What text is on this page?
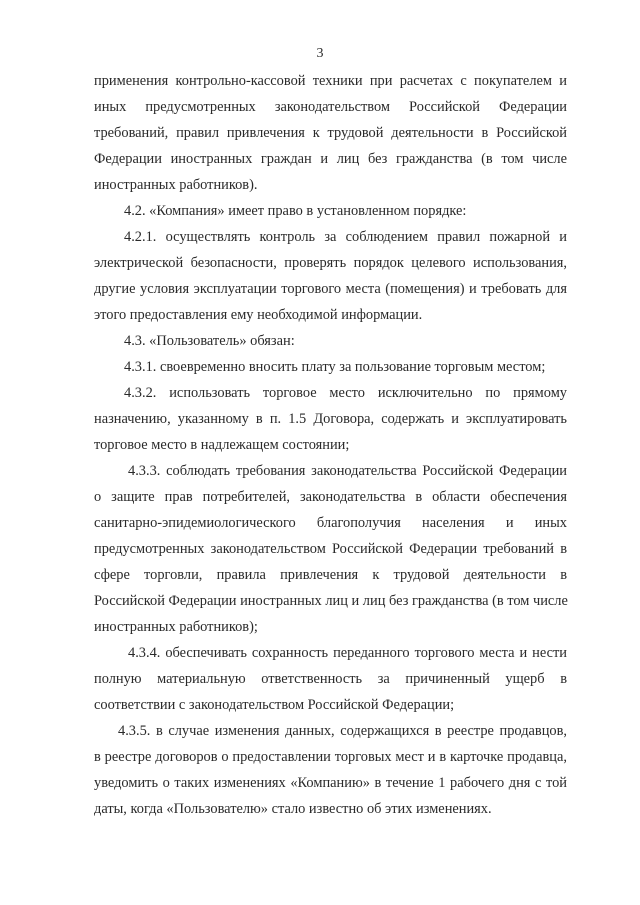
3
применения контрольно-кассовой техники при расчетах с покупателем и
иных предусмотренных законодательством Российской Федерации
требований, правил привлечения к трудовой деятельности в Российской
Федерации иностранных граждан и лиц без гражданства (в том числе
иностранных работников).
4.2. «Компания» имеет право в установленном порядке:
4.2.1. осуществлять контроль за соблюдением правил пожарной и
электрической безопасности, проверять порядок целевого использования,
другие условия эксплуатации торгового места (помещения) и требовать для
этого предоставления ему необходимой информации.
4.3. «Пользователь» обязан:
4.3.1. своевременно вносить плату за пользование торговым местом;
4.3.2. использовать торговое место исключительно по прямому
назначению, указанному в п. 1.5 Договора, содержать и эксплуатировать
торговое место в надлежащем состоянии;
4.3.3. соблюдать требования законодательства Российской Федерации
о защите прав потребителей, законодательства в области обеспечения
санитарно-эпидемиологического благополучия населения и иных
предусмотренных законодательством Российской Федерации требований в
сфере торговли, правила привлечения к трудовой деятельности в
Российской Федерации иностранных лиц и лиц без гражданства (в том числе
иностранных работников);
4.3.4. обеспечивать сохранность переданного торгового места и нести
полную материальную ответственность за причиненный ущерб в
соответствии с законодательством Российской Федерации;
4.3.5. в случае изменения данных, содержащихся в реестре продавцов,
в реестре договоров о предоставлении торговых мест и в карточке продавца,
уведомить о таких изменениях «Компанию» в течение 1 рабочего дня с той
даты, когда «Пользователю» стало известно об этих изменениях.
